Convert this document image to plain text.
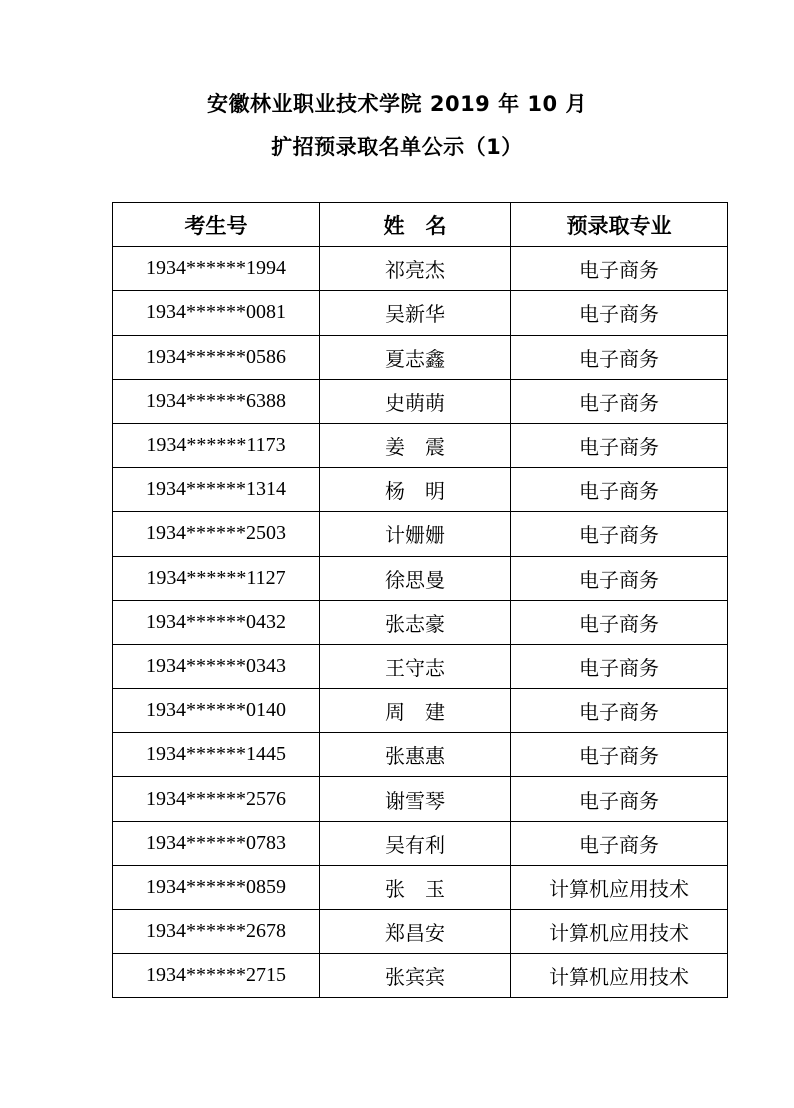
安徽林业职业技术学院 2019 年 10 月
扩招预录取名单公示（1）
考生号	姓　名	预录取专业
1934******1994	祁亮杰	电子商务
1934******0081	吴新华	电子商务
1934******0586	夏志鑫	电子商务
1934******6388	史萌萌	电子商务
1934******1173	姜　震	电子商务
1934******1314	杨　明	电子商务
1934******2503	计姗姗	电子商务
1934******1127	徐思曼	电子商务
1934******0432	张志豪	电子商务
1934******0343	王守志	电子商务
1934******0140	周　建	电子商务
1934******1445	张惠惠	电子商务
1934******2576	谢雪琴	电子商务
1934******0783	吴有利	电子商务
1934******0859	张　玉	计算机应用技术
1934******2678	郑昌安	计算机应用技术
1934******2715	张宾宾	计算机应用技术
